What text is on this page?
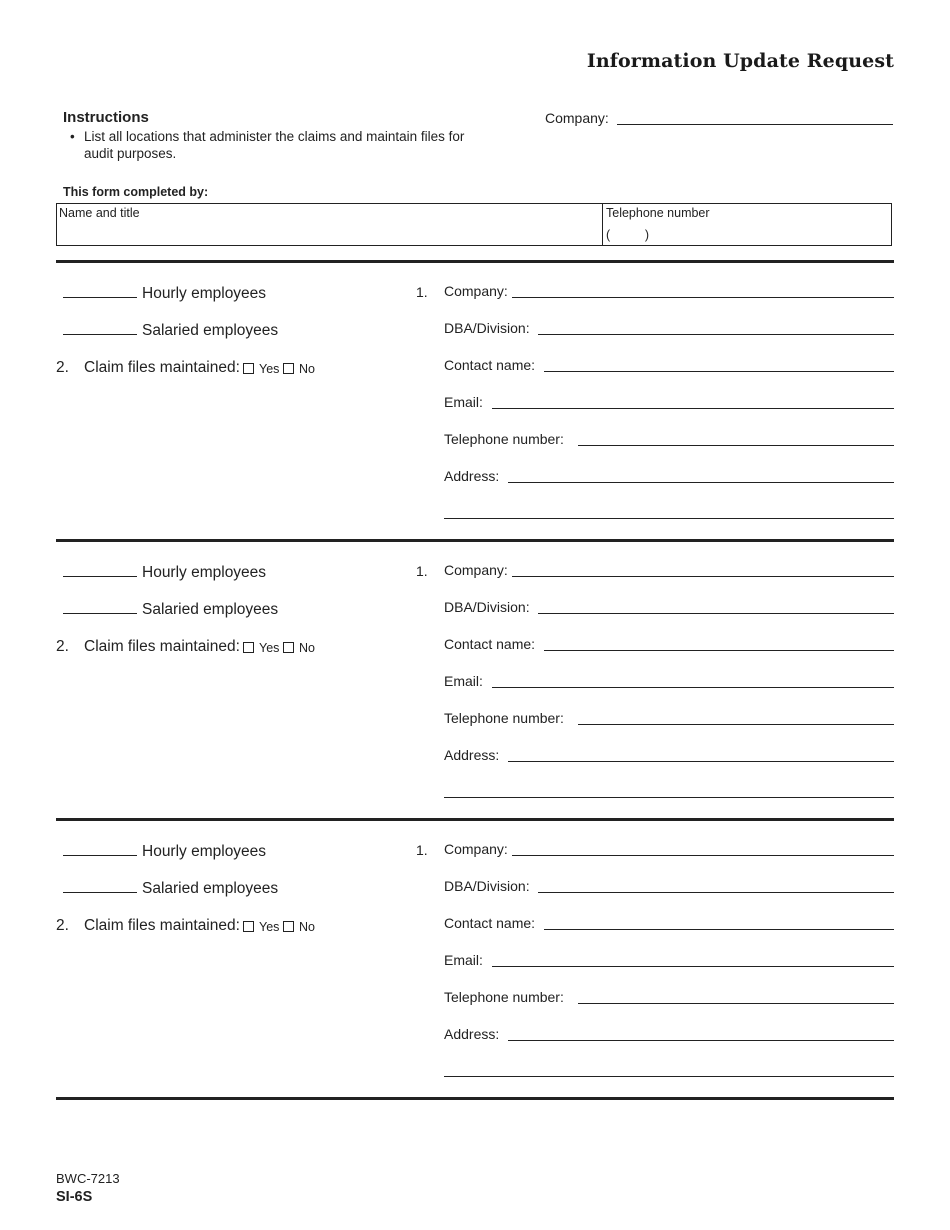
Information Update Request
Instructions
• List all locations that administer the claims and maintain files for audit purposes.
Company:
This form completed by:
Name and title	Telephone number
(          )
Hourly employees
Salaried employees
2. Claim files maintained: Yes No
1. Company:
DBA/Division:
Contact name:
Email:
Telephone number:
Address:
Hourly employees
Salaried employees
2. Claim files maintained: Yes No
1. Company:
DBA/Division:
Contact name:
Email:
Telephone number:
Address:
Hourly employees
Salaried employees
2. Claim files maintained: Yes No
1. Company:
DBA/Division:
Contact name:
Email:
Telephone number:
Address:
BWC-7213
SI-6S
